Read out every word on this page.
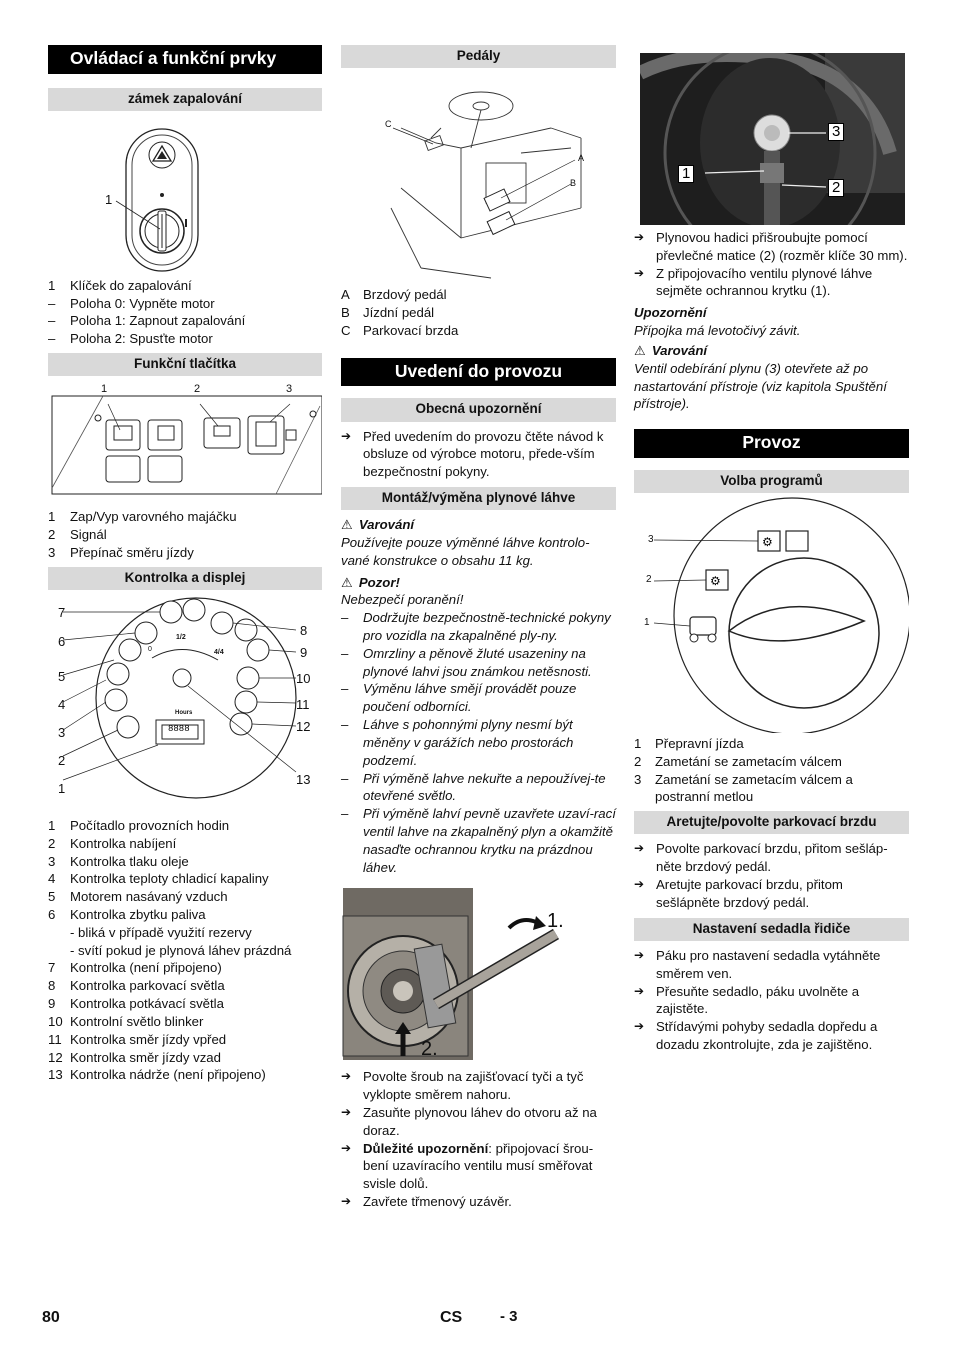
Ovládací a funkční prvky
zámek zapalování
1
1	Klíček do zapalování
–	Poloha 0: Vypněte motor
–	Poloha 1: Zapnout zapalování
–	Poloha 2: Spusťte motor
Funkční tlačítka
1	2	3
1	Zap/Vyp varovného majáčku
2	Signál
3	Přepínač směru jízdy
Kontrolka a displej
8888
7
6
5
4
3
2
1
8
9
10
11
12
13
Hours
0
1/2
4/4
1	Počítadlo provozních hodin
2	Kontrolka nabíjení
3	Kontrolka tlaku oleje
4	Kontrolka teploty chladicí kapaliny
5	Motorem nasávaný vzduch
6	Kontrolka zbytku paliva
- bliká v případě využití rezervy
- svítí pokud je plynová láhev prázdná
7	Kontrolka (není připojeno)
8	Kontrolka parkovací světla
9	Kontrolka potkávací světla
10 Kontrolní světlo blinker
11 Kontrolka směr jízdy vpřed
12 Kontrolka směr jízdy vzad
13 Kontrolka nádrže (není připojeno)
Pedály
C
A
B
A	Brzdový pedál
B	Jízdní pedál
C Parkovací brzda
Uvedení do provozu
Obecná upozornění
➔ Před uvedením do provozu čtěte návod k obsluze od výrobce motoru, přede-vším bezpečnostní pokyny.
Montáž/výměna plynové láhve
⚠ Varování
Používejte pouze výměnné láhve kontrolo-vané konstrukce o obsahu 11 kg.
⚠ Pozor!
Nebezpečí poranění!
–	Dodržujte bezpečnostně-technické pokyny pro vozidla na zkapalněné ply-ny.
–	Omrzliny a pěnově žluté usazeniny na plynové lahvi jsou známkou netěsnosti.
–	Výměnu láhve smějí provádět pouze poučení odborníci.
–	Láhve s pohonnými plyny nesmí být měněny v garážích nebo prostorách podzemí.
–	Při výměně lahve nekuřte a nepoužívej-te otevřené světlo.
–	Při výměně lahví pevně uzavřete uzaví-rací ventil lahve na zkapalněný plyn a okamžitě nasaďte ochrannou krytku na prázdnou láhev.
1.
2.
➔ Povolte šroub na zajišťovací tyči a tyč vyklopte směrem nahoru.
➔ Zasuňte plynovou láhev do otvoru až na doraz.
➔ Důležité upozornění: připojovací šrou-bení uzavíracího ventilu musí směřovat svisle dolů.
➔ Zavřete třmenový uzávěr.
3
1
2
➔ Plynovou hadici přišroubujte pomocí převlečné matice (2) (rozměr klíče 30 mm).
➔ Z připojovacího ventilu plynové láhve sejměte ochrannou krytku (1).
Upozornění
Přípojka má levotočivý závit.
⚠ Varování
Ventil odebírání plynu (3) otevřete až po nastartování přístroje (viz kapitola Spuštění přístroje).
Provoz
Volba programů
⚙
⚙
3
2
1
1	Přepravní jízda
2	Zametání se zametacím válcem
3	Zametání se zametacím válcem a postranní metlou
Aretujte/povolte parkovací brzdu
➔ Povolte parkovací brzdu, přitom sešláp-něte brzdový pedál.
➔ Aretujte parkovací brzdu, přitom sešlápněte brzdový pedál.
Nastavení sedadla řidiče
➔ Páku pro nastavení sedadla vytáhněte směrem ven.
➔ Přesuňte sedadlo, páku uvolněte a zajistěte.
➔ Střídavými pohyby sedadla dopředu a dozadu zkontrolujte, zda je zajištěno.
80	CS	- 3
